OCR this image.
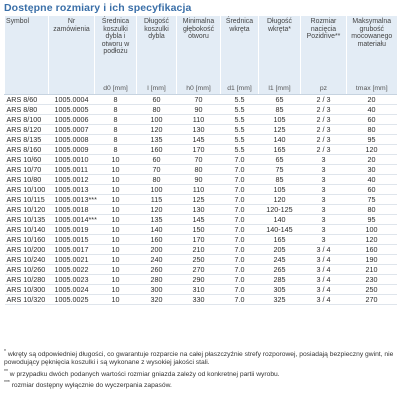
Dostępne rozmiary i ich specyfikacja
Symbol	Nr zamówienia	Średnica koszulki dybla i otworu w podłożu	Długość koszulki dybla	Minimalna głębokość otworu	Średnica wkręta	Długość wkręta*	Rozmiar nacięcia Pozidrive**	Maksymalna grubość mocowanego materiału
		d0 [mm]	l [mm]	h0 [mm]	d1 [mm]	l1 [mm]	pz	tmax [mm]
ARS 8/60	1005.0004	8	60	70	5.5	65	2 / 3	20
ARS 8/80	1005.0005	8	80	90	5.5	85	2 / 3	40
ARS 8/100	1005.0006	8	100	110	5.5	105	2 / 3	60
ARS 8/120	1005.0007	8	120	130	5.5	125	2 / 3	80
ARS 8/135	1005.0008	8	135	145	5.5	140	2 / 3	95
ARS 8/160	1005.0009	8	160	170	5.5	165	2 / 3	120
ARS 10/60	1005.0010	10	60	70	7.0	65	3	20
ARS 10/70	1005.0011	10	70	80	7.0	75	3	30
ARS 10/80	1005.0012	10	80	90	7.0	85	3	40
ARS 10/100	1005.0013	10	100	110	7.0	105	3	60
ARS 10/115	1005.0013***	10	115	125	7.0	120	3	75
ARS 10/120	1005.0018	10	120	130	7.0	120-125	3	80
ARS 10/135	1005.0014***	10	135	145	7.0	140	3	95
ARS 10/140	1005.0019	10	140	150	7.0	140-145	3	100
ARS 10/160	1005.0015	10	160	170	7.0	165	3	120
ARS 10/200	1005.0017	10	200	210	7.0	205	3 / 4	160
ARS 10/240	1005.0021	10	240	250	7.0	245	3 / 4	190
ARS 10/260	1005.0022	10	260	270	7.0	265	3 / 4	210
ARS 10/280	1005.0023	10	280	290	7.0	285	3 / 4	230
ARS 10/300	1005.0024	10	300	310	7.0	305	3 / 4	250
ARS 10/320	1005.0025	10	320	330	7.0	325	3 / 4	270

* wkręty są odpowiedniej długości, co gwarantuje rozparcie na całej płaszczyźnie strefy rozporowej, posiadają bezpieczny gwint, nie powodujący pęknięcia koszulki i są wykonane z wysokiej jakości stali.

** w przypadku dwóch podanych wartości rozmiar gniazda zależy od konkretnej partii wyrobu.

*** rozmiar dostępny wyłącznie do wyczerpania zapasów.
